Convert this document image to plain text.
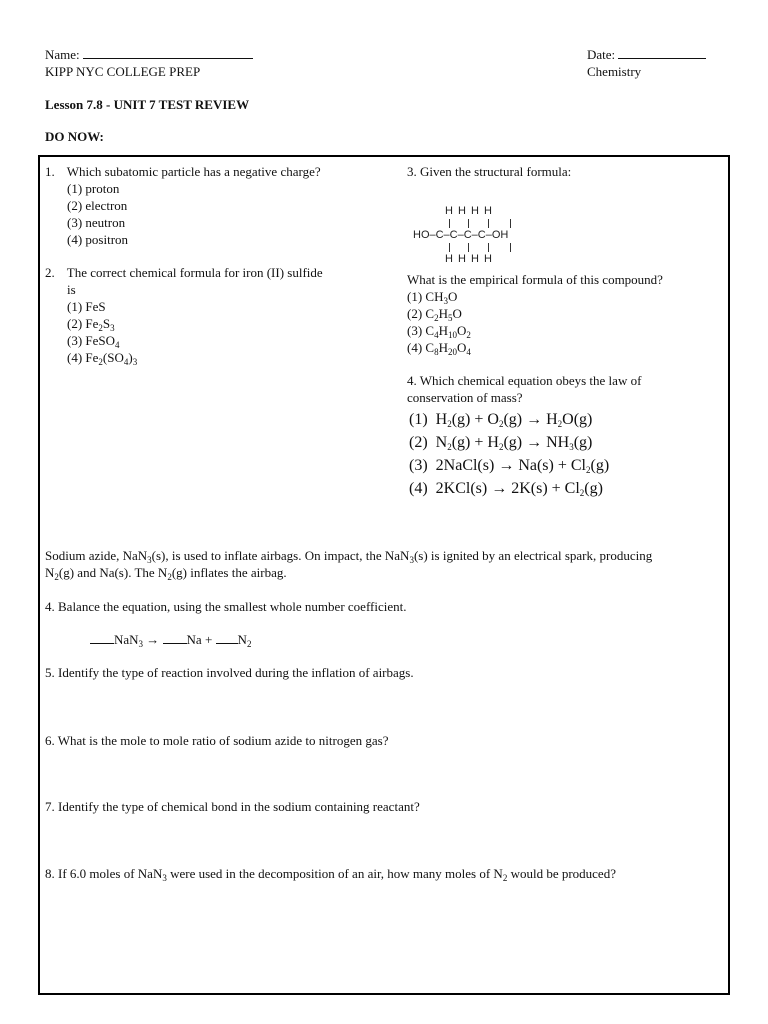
Name:
KIPP NYC COLLEGE PREP
Date:
Chemistry
Lesson 7.8 - UNIT 7 TEST REVIEW
DO NOW:
1. Which subatomic particle has a negative charge?
(1) proton
(2) electron
(3) neutron
(4) positron
2. The correct chemical formula for iron (II) sulfide
is
(1) FeS
(2) $Fe_2S_3$
(3) FeSO$_4$
(4) $Fe_2(SO_4)_3$
3. Given the structural formula:
H H H H
HO–C–C–C–C–OH
H H H H
What is the empirical formula of this compound?
(1) $CH_3O$
(2) $C_2H_5O$
(3) $C_4H_{10}O_2$
(4) $C_8H_{20}O_4$
4. Which chemical equation obeys the law of
conservation of mass?
(1) $H_2(g) + O_2(g) \to H_2O(g)$
(2) $N_2(g) + H_2(g) \to NH_3(g)$
(3) 2NaCl(s) → $Na(s) + Cl_2(g)$
(4) $2KCl(s) \to 2K(s) + Cl_2(g)$
Sodium azide, NaN$_3$(s), is used to inflate airbags. On impact, the NaN$_3$(s) is ignited by an electrical spark, producing
$N_2(g)$ and Na(s). The $N_2(g)$ inflates the airbag.
4. Balance the equation, using the smallest whole number coefficient.
$NaN_3 \to Na + N_2$
5. Identify the type of reaction involved during the inflation of airbags.
6. What is the mole to mole ratio of sodium azide to nitrogen gas?
7. Identify the type of chemical bond in the sodium containing reactant?
8. If 6.0 moles of NaN$_3$ were used in the decomposition of an air, how many moles of $N_2$ would be produced?
